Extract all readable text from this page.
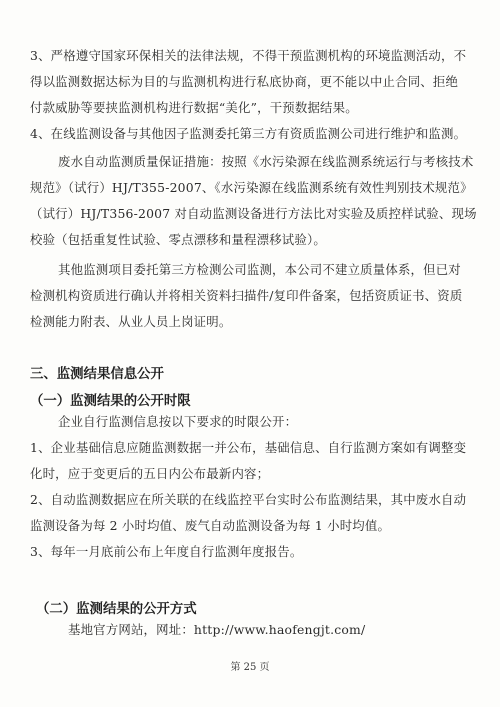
3、严格遵守国家环保相关的法律法规，不得干预监测机构的环境监测活动，不
得以监测数据达标为目的与监测机构进行私底协商，更不能以中止合同、拒绝
付款威胁等要挟监测机构进行数据“美化”，干预数据结果。
4、在线监测设备与其他因子监测委托第三方有资质监测公司进行维护和监测。
废水自动监测质量保证措施：按照《水污染源在线监测系统运行与考核技术
规范》（试行）HJ/T355-2007、《水污染源在线监测系统有效性判别技术规范》
（试行）HJ/T356-2007 对自动监测设备进行方法比对实验及质控样试验、现场
校验（包括重复性试验、零点漂移和量程漂移试验）。
其他监测项目委托第三方检测公司监测，本公司不建立质量体系，但已对
检测机构资质进行确认并将相关资料扫描件/复印件备案，包括资质证书、资质
检测能力附表、从业人员上岗证明。
三、监测结果信息公开
（一）监测结果的公开时限
企业自行监测信息按以下要求的时限公开：
1、企业基础信息应随监测数据一并公布，基础信息、自行监测方案如有调整变
化时，应于变更后的五日内公布最新内容；
2、自动监测数据应在所关联的在线监控平台实时公布监测结果，其中废水自动
监测设备为每 2 小时均值、废气自动监测设备为每 1 小时均值。
3、每年一月底前公布上年度自行监测年度报告。
（二）监测结果的公开方式
基地官方网站，网址：http://www.haofengjt.com/
第 25 页
